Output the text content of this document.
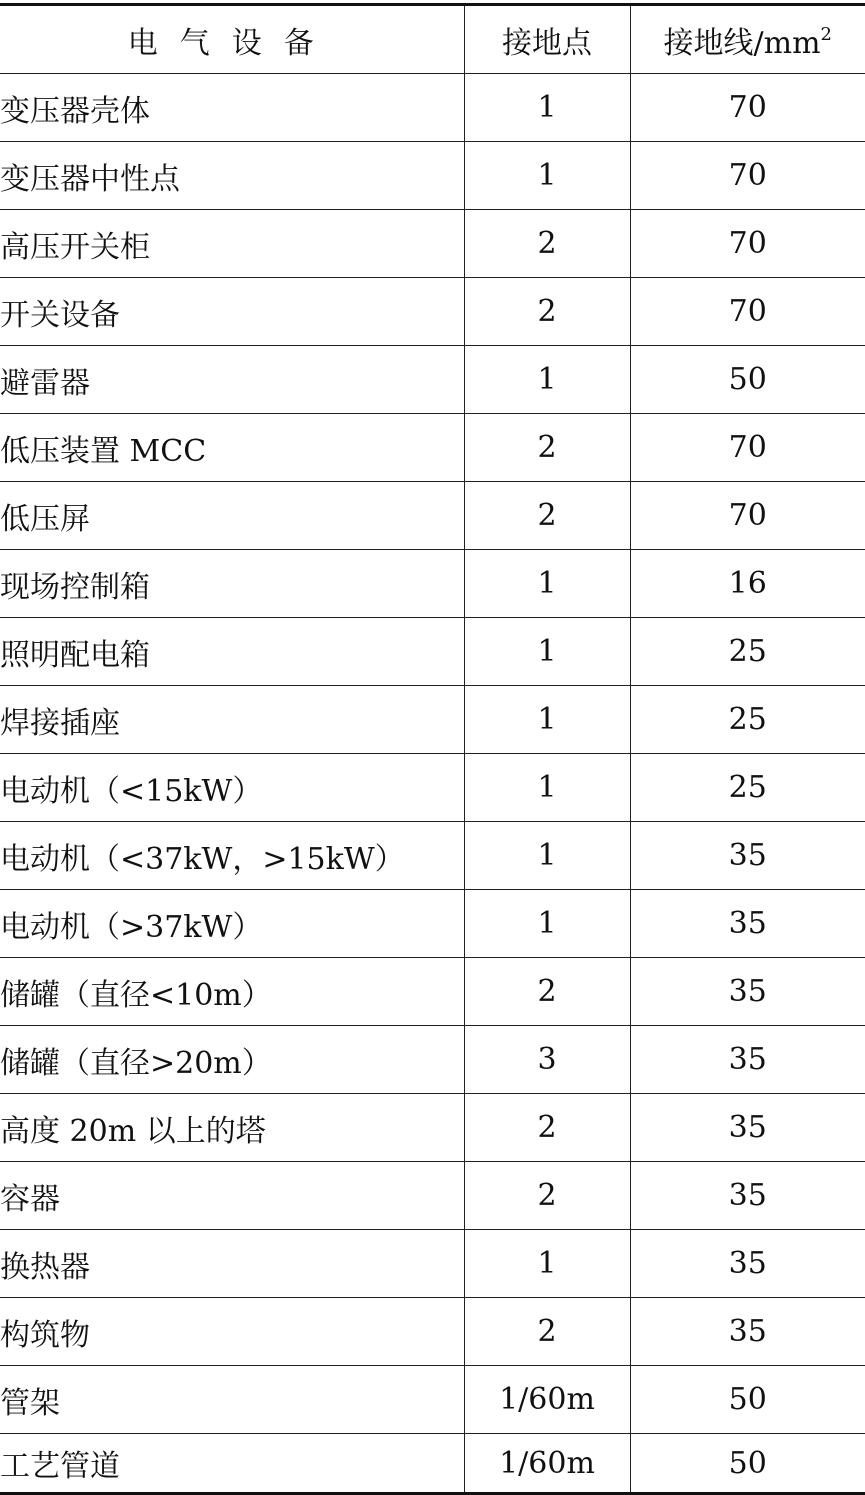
电气设备	接地点	接地线$/mm^2$
变压器壳体	1	70
变压器中性点	1	70
高压开关柜	2	70
开关设备	2	70
避雷器	1	50
低压装置 MCC	2	70
低压屏	2	70
现场控制箱	1	16
照明配电箱	1	25
焊接插座	1	25
电动机（<15kW）	1	25
电动机（<37kW，>15kW）	1	35
电动机（>37kW）	1	35
储罐（直径<10m）	2	35
储罐（直径>20m）	3	35
高度 20m 以上的塔	2	35
容器	2	35
换热器	1	35
构筑物	2	35
管架	1/60m	50
工艺管道	1/60m	50
